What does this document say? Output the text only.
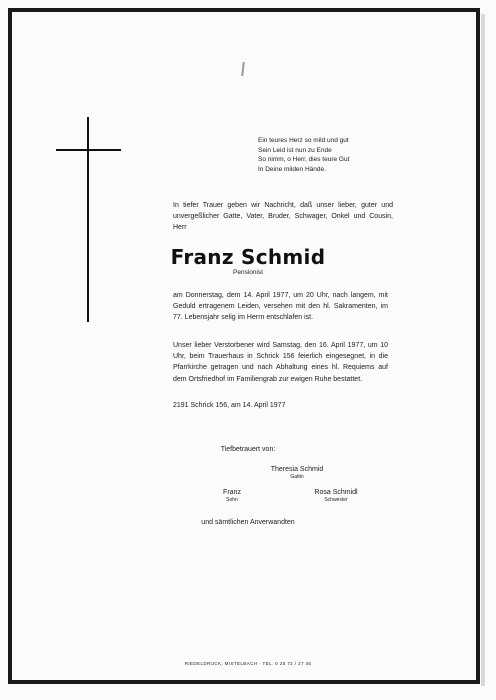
Ein teures Herz so mild und gut
Sein Leid ist nun zu Ende
So nimm, o Herr, dies teure Gut
In Deine milden Hände.
In tiefer Trauer geben wir Nachricht, daß unser lieber, guter und unvergeßlicher Gatte, Vater, Bruder, Schwager, Onkel und Cousin, Herr
Franz Schmid
Pensionist
am Donnerstag, dem 14. April 1977, um 20 Uhr, nach langem, mit Geduld ertragenem Leiden, versehen mit den hl. Sakramenten, im 77. Lebensjahr selig im Herrn entschlafen ist.
Unser lieber Verstorbener wird Samstag, den 16. April 1977, um 10 Uhr, beim Trauerhaus in Schrick 156 feierlich eingesegnet, in die Pfarrkirche getragen und nach Abhaltung eines hl. Requiems auf dem Ortsfriedhof im Familiengrab zur ewigen Ruhe bestattet.
2191 Schrick 156, am 14. April 1977
Tiefbetrauert von:
Theresia Schmid
Gattin
Franz
Sohn
Rosa Schmidl
Schwester
und sämtlichen Anverwandten
RIEDELDRUCK, MISTELBACH · TEL. 0 25 72 / 27 46
